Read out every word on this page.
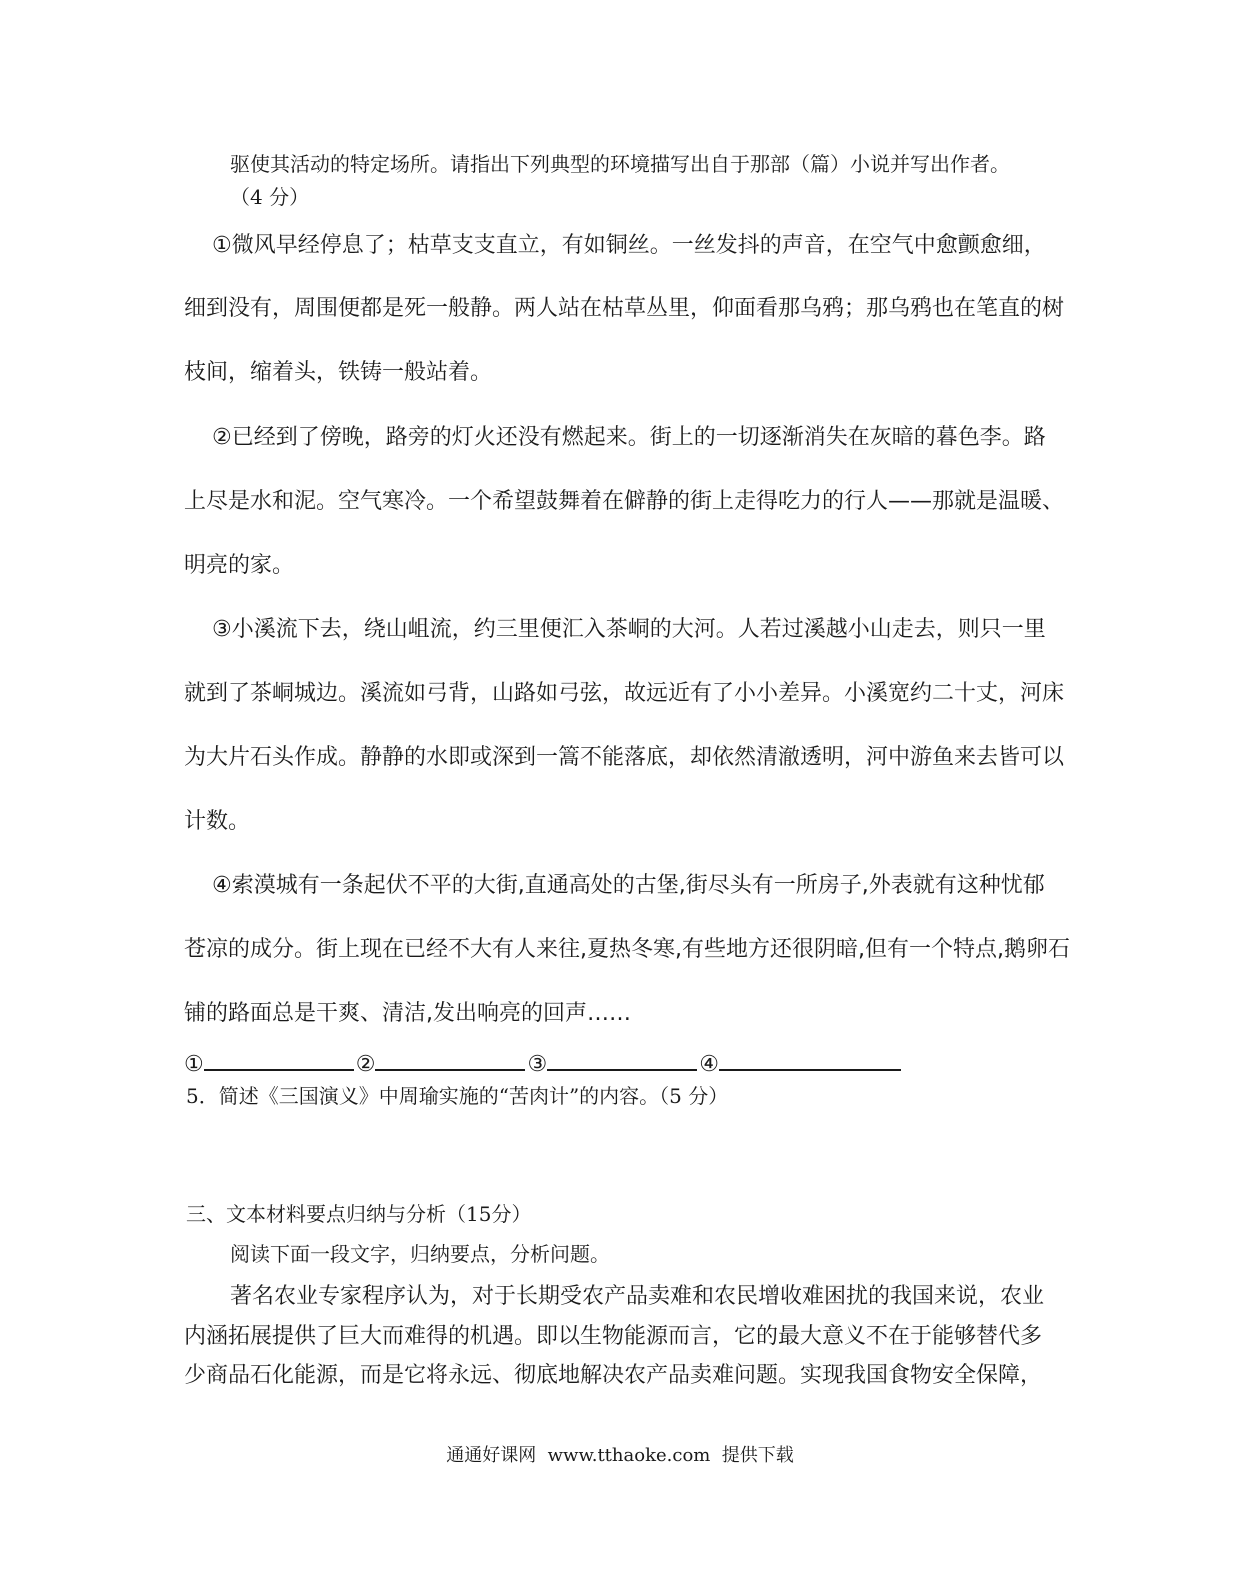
驱使其活动的特定场所。请指出下列典型的环境描写出自于那部（篇）小说并写出作者。
（4 分）
①微风早经停息了；枯草支支直立，有如铜丝。一丝发抖的声音，在空气中愈颤愈细，
细到没有，周围便都是死一般静。两人站在枯草丛里，仰面看那乌鸦；那乌鸦也在笔直的树
枝间，缩着头，铁铸一般站着。
②已经到了傍晚，路旁的灯火还没有燃起来。街上的一切逐渐消失在灰暗的暮色李。路
上尽是水和泥。空气寒冷。一个希望鼓舞着在僻静的街上走得吃力的行人——那就是温暖、
明亮的家。
③小溪流下去，绕山岨流，约三里便汇入茶峒的大河。人若过溪越小山走去，则只一里
就到了茶峒城边。溪流如弓背，山路如弓弦，故远近有了小小差异。小溪宽约二十丈，河床
为大片石头作成。静静的水即或深到一篙不能落底，却依然清澈透明，河中游鱼来去皆可以
计数。
④索漠城有一条起伏不平的大街,直通高处的古堡,街尽头有一所房子,外表就有这种忧郁
苍凉的成分。街上现在已经不大有人来往,夏热冬寒,有些地方还很阴暗,但有一个特点,鹅卵石
铺的路面总是干爽、清洁,发出响亮的回声……
①	②	③	④
5．简述《三国演义》中周瑜实施的“苦肉计”的内容。（5 分）
三、文本材料要点归纳与分析（15分）
阅读下面一段文字，归纳要点，分析问题。
著名农业专家程序认为，对于长期受农产品卖难和农民增收难困扰的我国来说，农业
内涵拓展提供了巨大而难得的机遇。即以生物能源而言，它的最大意义不在于能够替代多
少商品石化能源，而是它将永远、彻底地解决农产品卖难问题。实现我国食物安全保障，
通通好课网  www.tthaoke.com  提供下载
